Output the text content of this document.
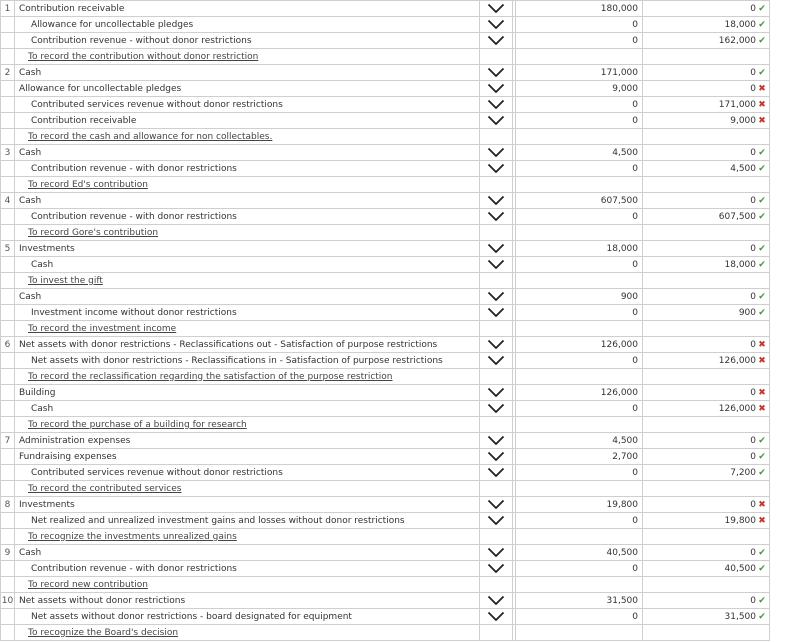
1	Contribution receivable			180,000	0 ✔
	Allowance for uncollectable pledges			0	18,000 ✔
	Contribution revenue - without donor restrictions			0	162,000 ✔
	To record the contribution without donor restriction				
2	Cash			171,000	0 ✔
	Allowance for uncollectable pledges			9,000	0 ✖
	Contributed services revenue without donor restrictions			0	171,000 ✖
	Contribution receivable			0	9,000 ✖
	To record the cash and allowance for non collectables.				
3	Cash			4,500	0 ✔
	Contribution revenue - with donor restrictions			0	4,500 ✔
	To record Ed's contribution				
4	Cash			607,500	0 ✔
	Contribution revenue - with donor restrictions			0	607,500 ✔
	To record Gore's contribution				
5	Investments			18,000	0 ✔
	Cash			0	18,000 ✔
	To invest the gift				
	Cash			900	0 ✔
	Investment income without donor restrictions			0	900 ✔
	To record the investment income				
6	Net assets with donor restrictions - Reclassifications out - Satisfaction of purpose restrictions			126,000	0 ✖
	Net assets with donor restrictions - Reclassifications in - Satisfaction of purpose restrictions			0	126,000 ✖
	To record the reclassification regarding the satisfaction of the purpose restriction				
	Building			126,000	0 ✖
	Cash			0	126,000 ✖
	To record the purchase of a building for research				
7	Administration expenses			4,500	0 ✔
	Fundraising expenses			2,700	0 ✔
	Contributed services revenue without donor restrictions			0	7,200 ✔
	To record the contributed services				
8	Investments			19,800	0 ✖
	Net realized and unrealized investment gains and losses without donor restrictions			0	19,800 ✖
	To recognize the investments unrealized gains				
9	Cash			40,500	0 ✔
	Contribution revenue - with donor restrictions			0	40,500 ✔
	To record new contribution				
10	Net assets without donor restrictions			31,500	0 ✔
	Net assets without donor restrictions - board designated for equipment			0	31,500 ✔
	To recognize the Board's decision				
